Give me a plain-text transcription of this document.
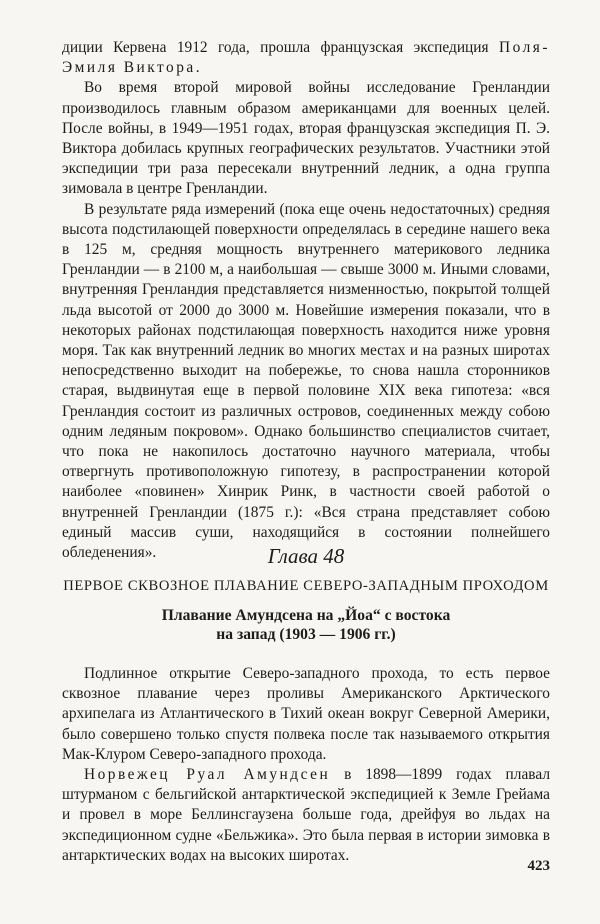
диции Кервена 1912 года, прошла французская экспедиция Поля-Эмиля Виктора.

Во время второй мировой войны исследование Гренландии производилось главным образом американцами для военных целей. После войны, в 1949—1951 годах, вторая французская экспедиция П. Э. Виктора добилась крупных географических результатов. Участники этой экспедиции три раза пересекали внутренний ледник, а одна группа зимовала в центре Гренландии.

В результате ряда измерений (пока еще очень недостаточных) средняя высота подстилающей поверхности определялась в середине нашего века в 125 м, средняя мощность внутреннего материкового ледника Гренландии — в 2100 м, а наибольшая — свыше 3000 м. Иными словами, внутренняя Гренландия представляется низменностью, покрытой толщей льда высотой от 2000 до 3000 м. Новейшие измерения показали, что в некоторых районах подстилающая поверхность находится ниже уровня моря. Так как внутренний ледник во многих местах и на разных широтах непосредственно выходит на побережье, то снова нашла сторонников старая, выдвинутая еще в первой половине XIX века гипотеза: «вся Гренландия состоит из различных островов, соединенных между собою одним ледяным покровом». Однако большинство специалистов считает, что пока не накопилось достаточно научного материала, чтобы отвергнуть противоположную гипотезу, в распространении которой наиболее «повинен» Хинрик Ринк, в частности своей работой о внутренней Гренландии (1875 г.): «Вся страна представляет собою единый массив суши, находящийся в состоянии полнейшего обледенения».	Глава 48

ПЕРВОЕ СКВОЗНОЕ ПЛАВАНИЕ СЕВЕРО-ЗАПАДНЫМ ПРОХОДОМ

Плавание Амундсена на „Йоа“ с востока

на запад (1903 — 1906 гг.)

Подлинное открытие Северо-западного прохода, то есть первое сквозное плавание через проливы Американского Арктического архипелага из Атлантического в Тихий океан вокруг Северной Америки, было совершено только спустя полвека после так называемого открытия Мак-Клуром Северо-западного прохода.

Норвежец Руал Амундсен в 1898—1899 годах плавал штурманом с бельгийской антарктической экспедицией к Земле Грейама и провел в море Беллинсгаузена больше года, дрейфуя во льдах на экспедиционном судне «Бельжика». Это была первая в истории зимовка в антарктических водах на высоких широтах.

423
